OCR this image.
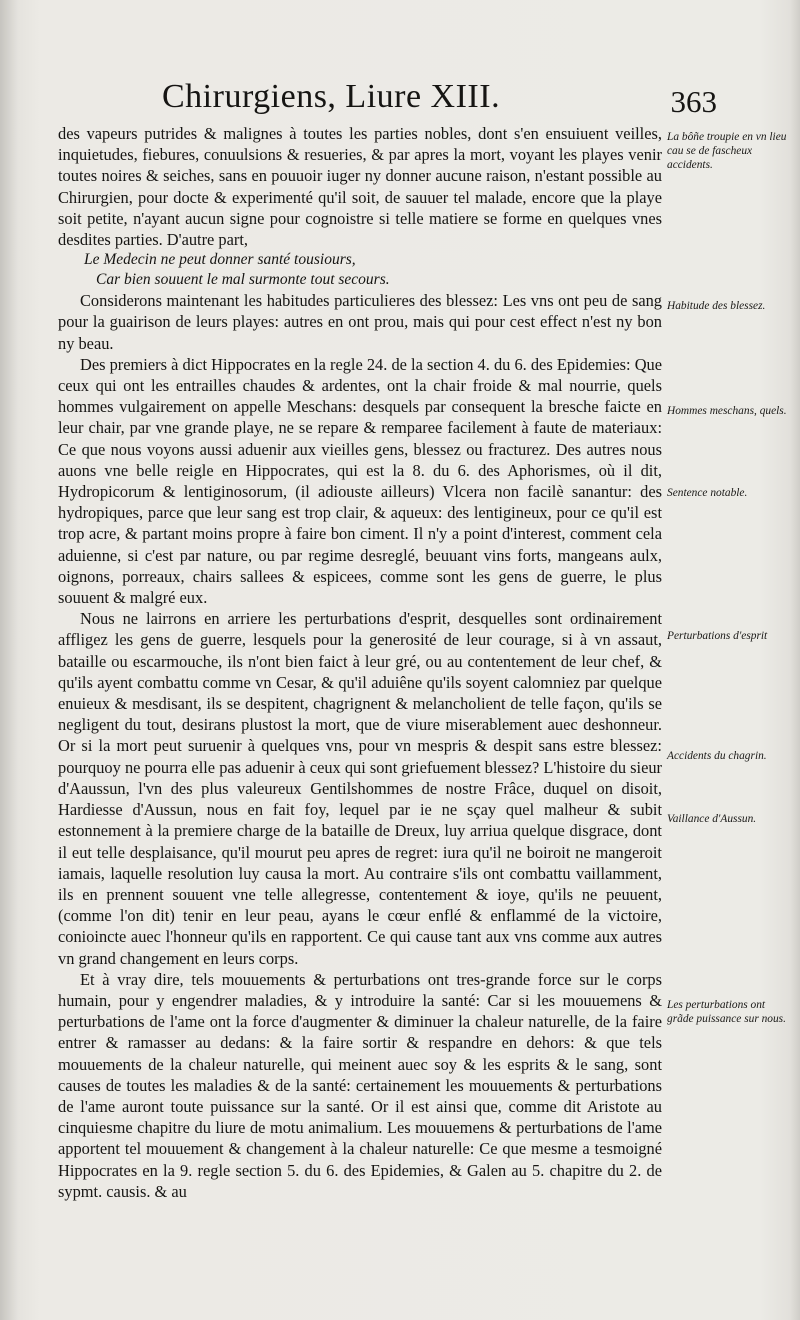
Chirurgiens, Liure XIII.	363

des vapeurs putrides & malignes à toutes les parties nobles, dont s'en ensuiuent veilles, inquietudes, fiebures, conuulsions & resueries, & par apres la mort, voyant les playes venir toutes noires & seiches, sans en pouuoir iuger ny donner aucune raison, n'estant possible au Chirurgien, pour docte & experimenté qu'il soit, de sauuer tel malade, encore que la playe soit petite, n'ayant aucun signe pour cognoistre si telle matiere se forme en quelques vnes desdites parties. D'autre part,

Le Medecin ne peut donner santé tousiours,
Car bien souuent le mal surmonte tout secours.

Considerons maintenant les habitudes particulieres des blessez: Les vns ont peu de sang pour la guairison de leurs playes: autres en ont prou, mais qui pour cest effect n'est ny bon ny beau.

Des premiers à dict Hippocrates en la regle 24. de la section 4. du 6. des Epidemies: Que ceux qui ont les entrailles chaudes & ardentes, ont la chair froide & mal nourrie, quels hommes vulgairement on appelle Meschans: desquels par consequent la bresche faicte en leur chair, par vne grande playe, ne se repare & remparee facilement à faute de materiaux: Ce que nous voyons aussi aduenir aux vieilles gens, blessez ou fracturez. Des autres nous auons vne belle reigle en Hippocrates, qui est la 8. du 6. des Aphorismes, où il dit, Hydropicorum & lentiginosorum, (il adiouste ailleurs) Vlcera non facilè sanantur: des hydropiques, parce que leur sang est trop clair, & aqueux: des lentigineux, pour ce qu'il est trop acre, & partant moins propre à faire bon ciment. Il n'y a point d'interest, comment cela aduienne, si c'est par nature, ou par regime desreglé, beuuant vins forts, mangeans aulx, oignons, porreaux, chairs sallees & espicees, comme sont les gens de guerre, le plus souuent & malgré eux.

Nous ne lairrons en arriere les perturbations d'esprit, desquelles sont ordinairement affligez les gens de guerre, lesquels pour la generosité de leur courage, si à vn assaut, bataille ou escarmouche, ils n'ont bien faict à leur gré, ou au contentement de leur chef, & qu'ils ayent combattu comme vn Cesar, & qu'il aduiêne qu'ils soyent calomniez par quelque enuieux & mesdisant, ils se despitent, chagrignent & melancholient de telle façon, qu'ils se negligent du tout, desirans plustost la mort, que de viure miserablement auec deshonneur. Or si la mort peut suruenir à quelques vns, pour vn mespris & despit sans estre blessez: pourquoy ne pourra elle pas aduenir à ceux qui sont griefuement blessez? L'histoire du sieur d'Aaussun, l'vn des plus valeureux Gentilshommes de nostre Frâce, duquel on disoit, Hardiesse d'Aussun, nous en fait foy, lequel par ie ne sçay quel malheur & subit estonnement à la premiere charge de la bataille de Dreux, luy arriua quelque disgrace, dont il eut telle desplaisance, qu'il mourut peu apres de regret: iura qu'il ne boiroit ne mangeroit iamais, laquelle resolution luy causa la mort. Au contraire s'ils ont combattu vaillamment, ils en prennent souuent vne telle allegresse, contentement & ioye, qu'ils ne peuuent, (comme l'on dit) tenir en leur peau, ayans le cœur enflé & enflammé de la victoire, conioincte auec l'honneur qu'ils en rapportent. Ce qui cause tant aux vns comme aux autres vn grand changement en leurs corps.

Et à vray dire, tels mouuements & perturbations ont tres-grande force sur le corps humain, pour y engendrer maladies, & y introduire la santé: Car si les mouuemens & perturbations de l'ame ont la force d'augmenter & diminuer la chaleur naturelle, de la faire entrer & ramasser au dedans: & la faire sortir & respandre en dehors: & que tels mouuements de la chaleur naturelle, qui meinent auec soy & les esprits & le sang, sont causes de toutes les maladies & de la santé: certainement les mouuements & perturbations de l'ame auront toute puissance sur la santé. Or il est ainsi que, comme dit Aristote au cinquiesme chapitre du liure de motu animalium. Les mouuemens & perturbations de l'ame apportent tel mouuement & changement à la chaleur naturelle: Ce que mesme a tesmoigné Hippocrates en la 9. regle section 5. du 6. des Epidemies, & Galen au 5. chapitre du 2. de sypmt. causis. & au

La bôñe troupie en vn lieu cau se de fascheux accidents.
Habitude des blessez.
Hommes meschans, quels.
Sentence notable.
Perturbations d'esprit
Accidents du chagrin.
Vaillance d'Aussun.
Les perturbations ont grãde puissance sur nous.
